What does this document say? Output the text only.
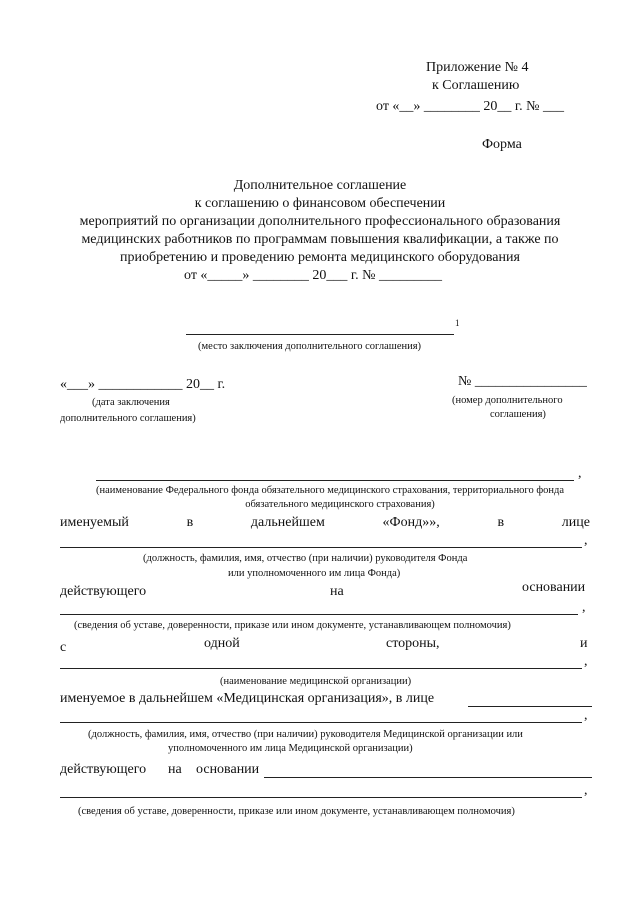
Приложение № 4
к Соглашению
от «__» ________ 20__ г. № ___
Форма
Дополнительное соглашение
к соглашению о финансовом обеспечении
мероприятий по организации дополнительного профессионального образования
медицинских работников по программам повышения квалификации, а также по
приобретению и проведению ремонта медицинского оборудования
от «_____» ________ 20___ г. № _________
1
(место заключения дополнительного соглашения)
«___» ____________ 20__ г.
(дата заключения
дополнительного соглашения)
№ ________________
(номер дополнительного
соглашения)
,
(наименование Федерального фонда обязательного медицинского страхования, территориального фонда
обязательного медицинского страхования)
именуемый	в	дальнейшем	«Фонд»»,	в	лице
,
(должность, фамилия, имя, отчество (при наличии) руководителя Фонда
или уполномоченного им лица Фонда)
действующего	на	основании
,
(сведения об уставе, доверенности, приказе или ином документе, устанавливающем полномочия)
с	одной	стороны,	и
,
(наименование медицинской организации)
именуемое в дальнейшем «Медицинская организация», в лице
,
(должность, фамилия, имя, отчество (при наличии) руководителя Медицинской организации или
уполномоченного им лица Медицинской организации)
действующего на основании
,
(сведения об уставе, доверенности, приказе или ином документе, устанавливающем полномочия)
